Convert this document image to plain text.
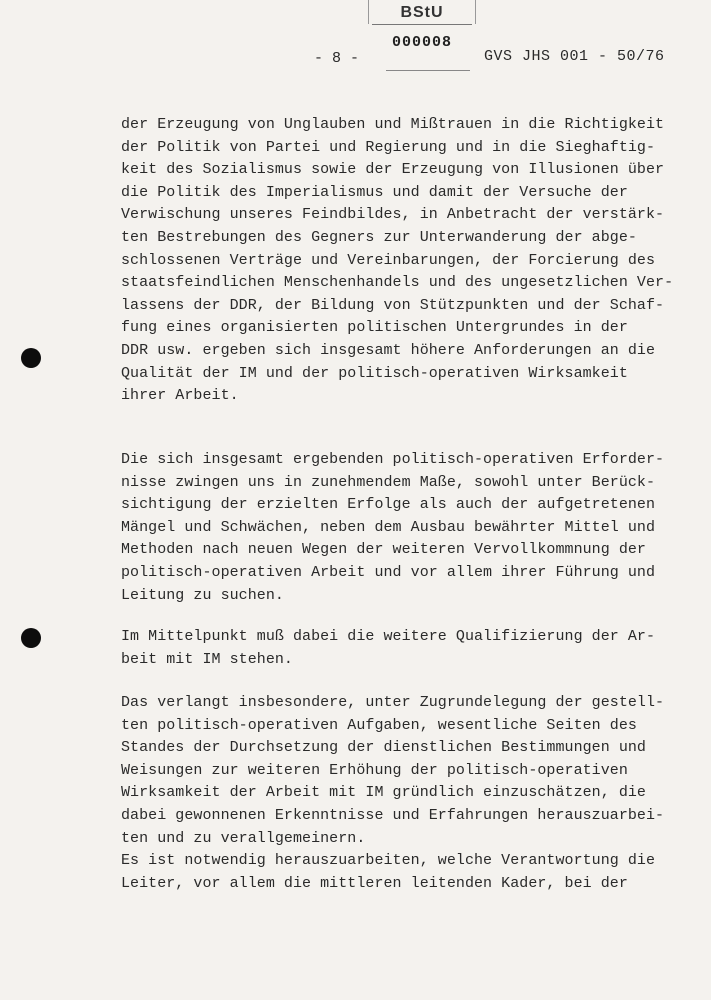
BStU
000008
- 8 -	GVS JHS 001 - 50/76
der Erzeugung von Unglauben und Mißtrauen in die Richtigkeit
der Politik von Partei und Regierung und in die Sieghaftig-
keit des Sozialismus sowie der Erzeugung von Illusionen über
die Politik des Imperialismus und damit der Versuche der
Verwischung unseres Feindbildes, in Anbetracht der verstärk-
ten Bestrebungen des Gegners zur Unterwanderung der abge-
schlossenen Verträge und Vereinbarungen, der Forcierung des
staatsfeindlichen Menschenhandels und des ungesetzlichen Ver-
lassens der DDR, der Bildung von Stützpunkten und der Schaf-
fung eines organisierten politischen Untergrundes in der
DDR usw. ergeben sich insgesamt höhere Anforderungen an die
Qualität der IM und der politisch-operativen Wirksamkeit
ihrer Arbeit.
Die sich insgesamt ergebenden politisch-operativen Erforder-
nisse zwingen uns in zunehmendem Maße, sowohl unter Berück-
sichtigung der erzielten Erfolge als auch der aufgetretenen
Mängel und Schwächen, neben dem Ausbau bewährter Mittel und
Methoden nach neuen Wegen der weiteren Vervollkommnung der
politisch-operativen Arbeit und vor allem ihrer Führung und
Leitung zu suchen.
Im Mittelpunkt muß dabei die weitere Qualifizierung der Ar-
beit mit IM stehen.
Das verlangt insbesondere, unter Zugrundelegung der gestell-
ten politisch-operativen Aufgaben, wesentliche Seiten des
Standes der Durchsetzung der dienstlichen Bestimmungen und
Weisungen zur weiteren Erhöhung der politisch-operativen
Wirksamkeit der Arbeit mit IM gründlich einzuschätzen, die
dabei gewonnenen Erkenntnisse und Erfahrungen herauszuarbei-
ten und zu verallgemeinern.
Es ist notwendig herauszuarbeiten, welche Verantwortung die
Leiter, vor allem die mittleren leitenden Kader, bei der
